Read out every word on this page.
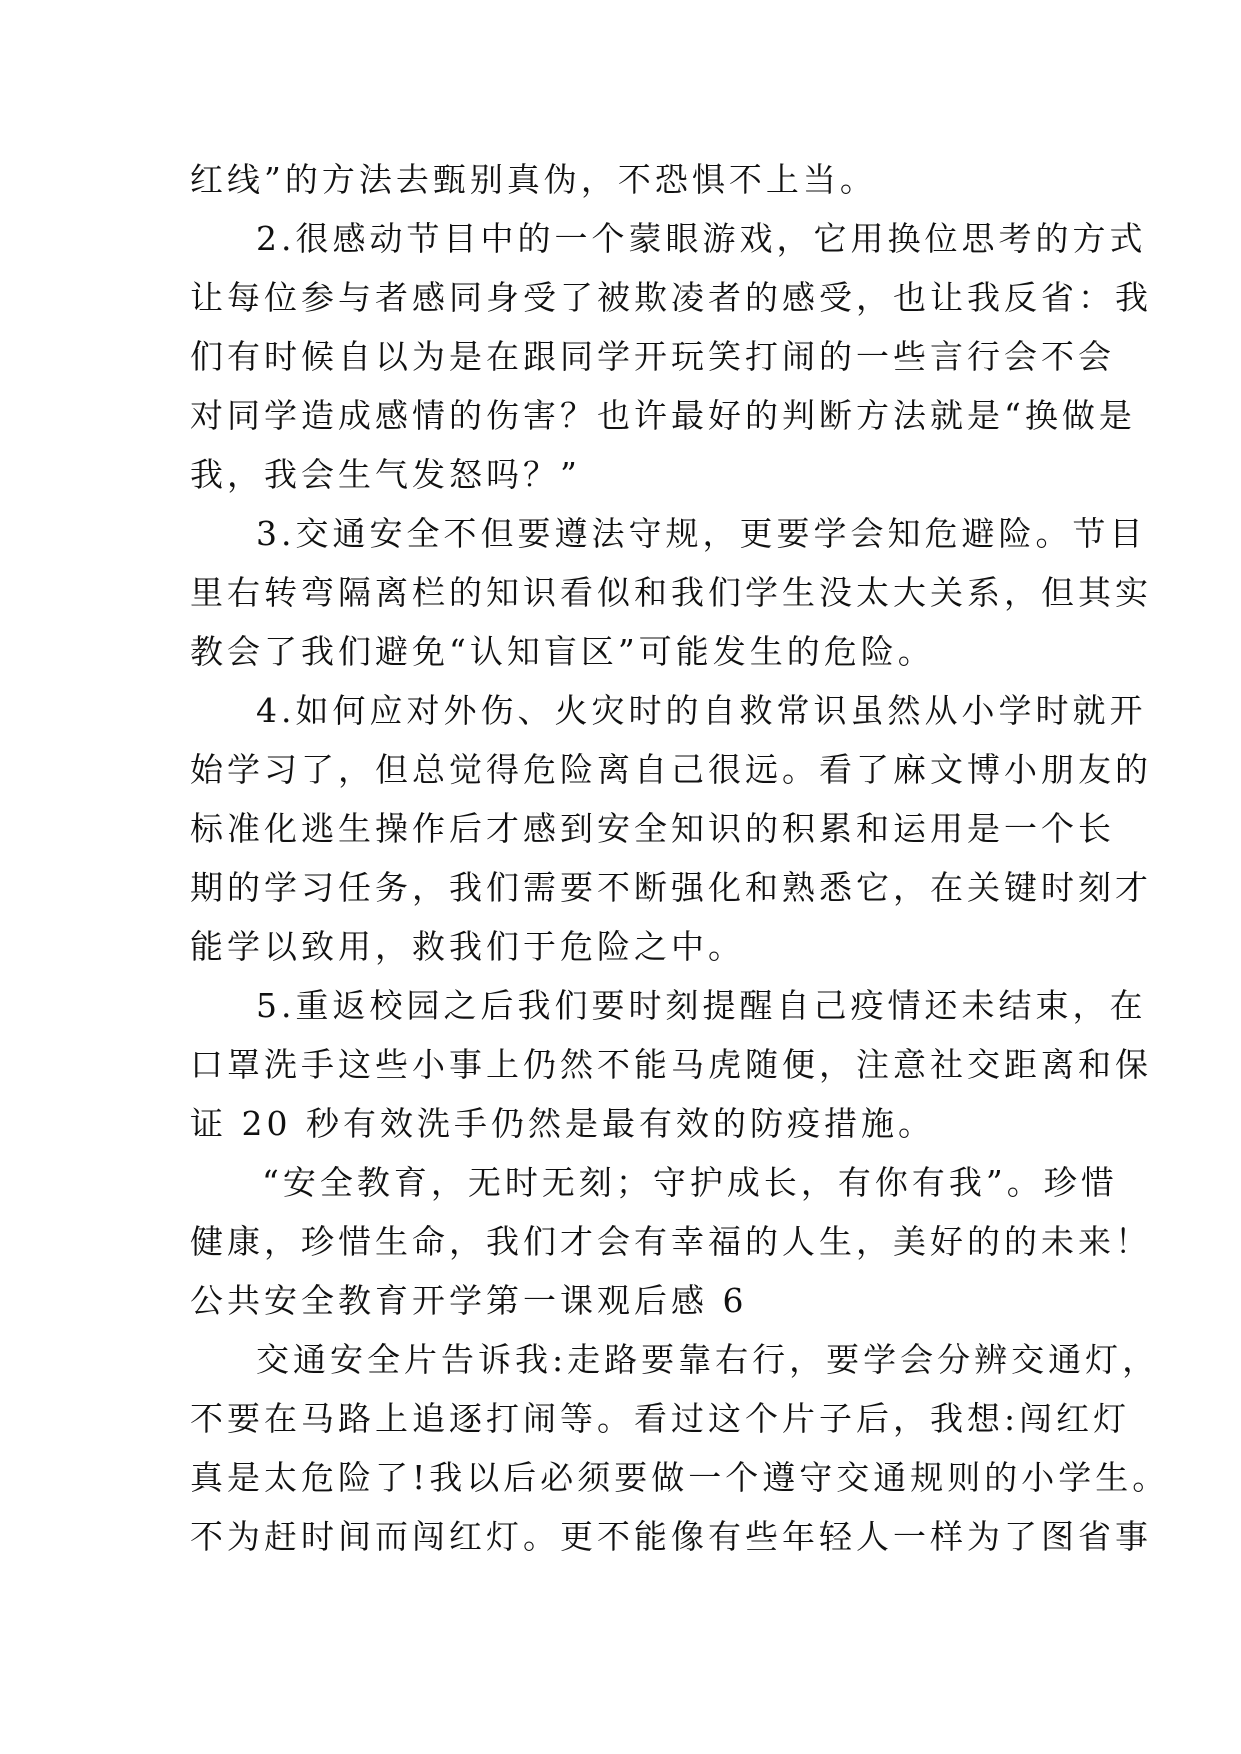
红线”的方法去甄别真伪，不恐惧不上当。
2.很感动节目中的一个蒙眼游戏，它用换位思考的方式
让每位参与者感同身受了被欺凌者的感受，也让我反省：我
们有时候自以为是在跟同学开玩笑打闹的一些言行会不会
对同学造成感情的伤害？也许最好的判断方法就是“换做是
我，我会生气发怒吗？”
3.交通安全不但要遵法守规，更要学会知危避险。节目
里右转弯隔离栏的知识看似和我们学生没太大关系，但其实
教会了我们避免“认知盲区”可能发生的危险。
4.如何应对外伤、火灾时的自救常识虽然从小学时就开
始学习了，但总觉得危险离自己很远。看了麻文博小朋友的
标准化逃生操作后才感到安全知识的积累和运用是一个长
期的学习任务，我们需要不断强化和熟悉它，在关键时刻才
能学以致用，救我们于危险之中。
5.重返校园之后我们要时刻提醒自己疫情还未结束，在
口罩洗手这些小事上仍然不能马虎随便，注意社交距离和保
证 20 秒有效洗手仍然是最有效的防疫措施。
“安全教育，无时无刻；守护成长，有你有我”。珍惜
健康，珍惜生命，我们才会有幸福的人生，美好的的未来！
公共安全教育开学第一课观后感 6
交通安全片告诉我:走路要靠右行，要学会分辨交通灯，
不要在马路上追逐打闹等。看过这个片子后，我想:闯红灯
真是太危险了!我以后必须要做一个遵守交通规则的小学生。
不为赶时间而闯红灯。更不能像有些年轻人一样为了图省事
